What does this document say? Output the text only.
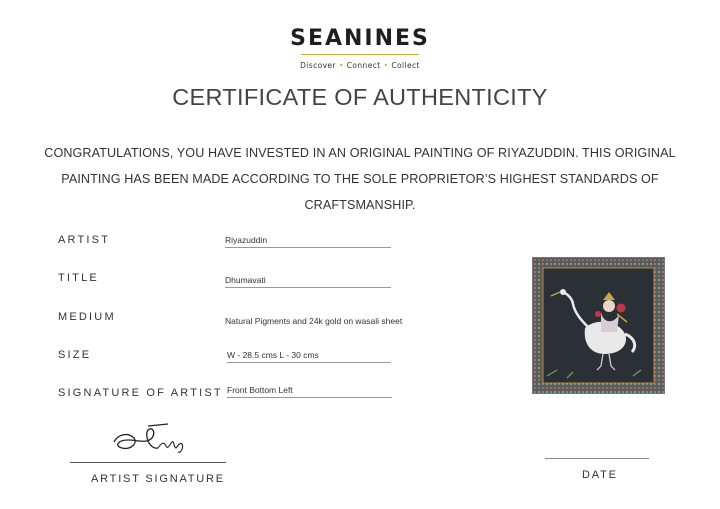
SEANINES
Discover • Connect • Collect
CERTIFICATE OF AUTHENTICITY
CONGRATULATIONS, YOU HAVE INVESTED IN AN ORIGINAL PAINTING OF RIYAZUDDIN. THIS ORIGINAL
PAINTING HAS BEEN MADE ACCORDING TO THE SOLE PROPRIETOR’S HIGHEST STANDARDS OF
CRAFTSMANSHIP.
ARTIST	Riyazuddin
TITLE	Dhumavati
MEDIUM	Natural Pigments and 24k gold on wasali sheet
SIZE	W - 28.5 cms L - 30 cms
SIGNATURE OF ARTIST Front Bottom Left
ARTIST SIGNATURE	DATE
